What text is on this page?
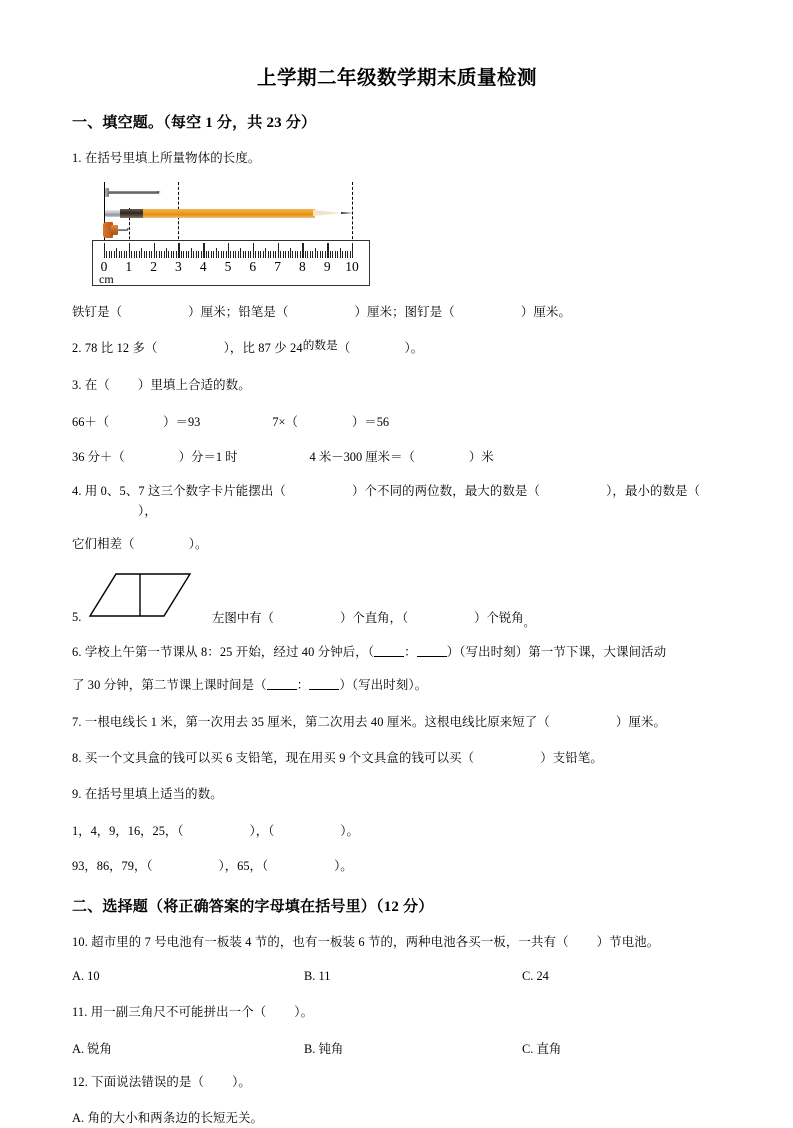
上学期二年级数学期末质量检测
一、填空题。（每空 1 分，共 23 分）
1. 在括号里填上所量物体的长度。
0 1 2 3 4 5 6 7 8 9 10
cm
铁钉是（	）厘米；铅笔是（	）厘米；图钉是（	）厘米。
2. 78 比 12 多（	），比 87 少 24的数是（	）。
3. 在（ ）里填上合适的数。
66＋（	）＝93	7×（	）＝56
36 分＋（	）分＝1 时	4 米－300 厘米＝（	）米
4. 用 0、5、7 这三个数字卡片能摆出（	）个不同的两位数，最大的数是（	），最小的数是（），
它们相差（	）。
5.	左图中有（	）个直角，（	）个锐角。
6. 学校上午第一节课从 8：25 开始，经过 40 分钟后，（ ： ）（写出时刻）第一节下课，大课间活动
了 30 分钟，第二节课上课时间是（ ： ）（写出时刻）。
7. 一根电线长 1 米，第一次用去 35 厘米，第二次用去 40 厘米。这根电线比原来短了（	）厘米。
8. 买一个文具盒的钱可以买 6 支铅笔，现在用买 9 个文具盒的钱可以买（	）支铅笔。
9. 在括号里填上适当的数。
1，4，9，16，25，（	），（	）。
93，86，79，（	），65，（	）。
二、选择题（将正确答案的字母填在括号里）（12 分）
10. 超市里的 7 号电池有一板装 4 节的，也有一板装 6 节的，两种电池各买一板，一共有（ ）节电池。
A. 10	B. 11	C. 24
11. 用一副三角尺不可能拼出一个（ ）。
A. 锐角	B. 钝角	C. 直角
12. 下面说法错误的是（ ）。
A. 角的大小和两条边的长短无关。
